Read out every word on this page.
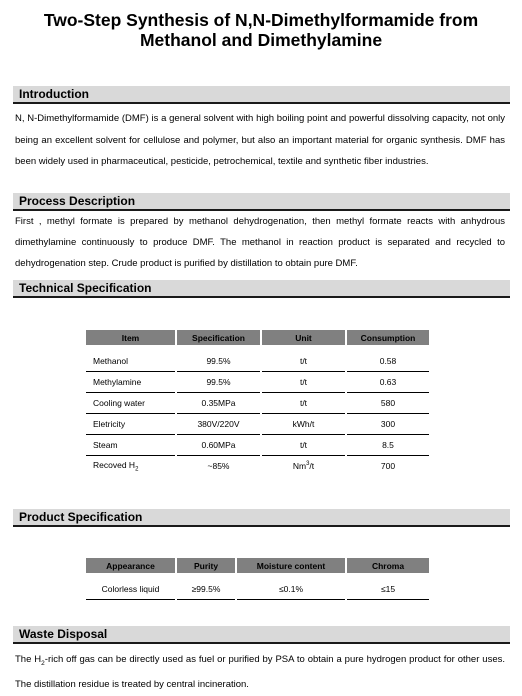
Two-Step Synthesis of N,N-Dimethylformamide from
Methanol and Dimethylamine
Introduction
N, N-Dimethylformamide (DMF) is a general solvent with high boiling point and powerful dissolving capacity, not only being an excellent solvent for cellulose and polymer, but also an important material for organic synthesis. DMF has been widely used in pharmaceutical, pesticide, petrochemical, textile and synthetic fiber industries.
Process Description
First , methyl formate is prepared by methanol dehydrogenation, then methyl formate reacts with anhydrous dimethylamine continuously to produce DMF. The methanol in reaction product is separated and recycled to dehydrogenation step. Crude product is purified by distillation to obtain pure DMF.
Technical Specification
Item	Specification	Unit	Consumption

Methanol	99.5%	t/t	0.58
Methylamine	99.5%	t/t	0.63
Cooling water	0.35MPa	t/t	580
Eletricity	380V/220V	kWh/t	300
Steam	0.60MPa	t/t	8.5
Recoved $H_2$	~85%	Nm$^3$/t	700
Product Specification
Appearance	Purity	Moisture content	Chroma

Colorless liquid	≥99.5%	≤0.1%	≤15
Waste Disposal
The $H_2$-rich off gas can be directly used as fuel or purified by PSA to obtain a pure hydrogen product for other uses. The distillation residue is treated by central incineration.
